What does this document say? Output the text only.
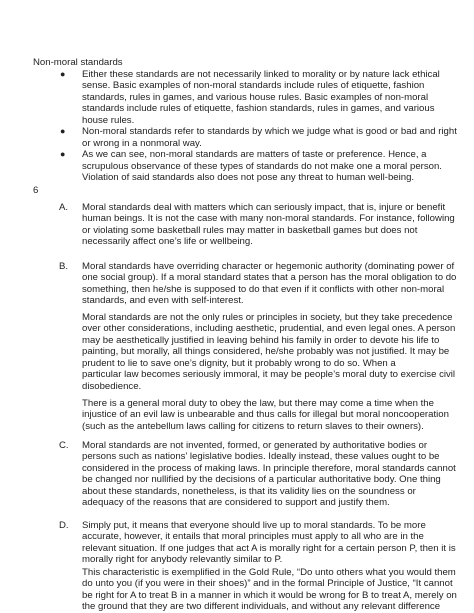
Non-moral standards
● Either these standards are not necessarily linked to morality or by nature lack ethical
sense. Basic examples of non-moral standards include rules of etiquette, fashion
standards, rules in games, and various house rules. Basic examples of non-moral
standards include rules of etiquette, fashion standards, rules in games, and various
house rules.
● Non-moral standards refer to standards by which we judge what is good or bad and right
or wrong in a nonmoral way.
● As we can see, non-moral standards are matters of taste or preference. Hence, a
scrupulous observance of these types of standards do not make one a moral person.
Violation of said standards also does not pose any threat to human well-being.
6
A. Moral standards deal with matters which can seriously impact, that is, injure or benefit
human beings. It is not the case with many non-moral standards. For instance, following
or violating some basketball rules may matter in basketball games but does not
necessarily affect one’s life or wellbeing.
B. Moral standards have overriding character or hegemonic authority (dominating power of
one social group). If a moral standard states that a person has the moral obligation to do
something, then he/she is supposed to do that even if it conflicts with other non-moral
standards, and even with self-interest.
Moral standards are not the only rules or principles in society, but they take precedence
over other considerations, including aesthetic, prudential, and even legal ones. A person
may be aesthetically justified in leaving behind his family in order to devote his life to
painting, but morally, all things considered, he/she probably was not justified. It may be
prudent to lie to save one’s dignity, but it probably wrong to do so. When a
particular law becomes seriously immoral, it may be people’s moral duty to exercise civil
disobedience.
There is a general moral duty to obey the law, but there may come a time when the
injustice of an evil law is unbearable and thus calls for illegal but moral noncooperation
(such as the antebellum laws calling for citizens to return slaves to their owners).
C. Moral standards are not invented, formed, or generated by authoritative bodies or
persons such as nations’ legislative bodies. Ideally instead, these values ought to be
considered in the process of making laws. In principle therefore, moral standards cannot
be changed nor nullified by the decisions of a particular authoritative body. One thing
about these standards, nonetheless, is that its validity lies on the soundness or
adequacy of the reasons that are considered to support and justify them.
D. Simply put, it means that everyone should live up to moral standards. To be more
accurate, however, it entails that moral principles must apply to all who are in the
relevant situation. If one judges that act A is morally right for a certain person P, then it is
morally right for anybody relevantly similar to P.
This characteristic is exemplified in the Gold Rule, “Do unto others what you would them
do unto you (if you were in their shoes)” and in the formal Principle of Justice, “It cannot
be right for A to treat B in a manner in which it would be wrong for B to treat A, merely on
the ground that they are two different individuals, and without any relevant difference
